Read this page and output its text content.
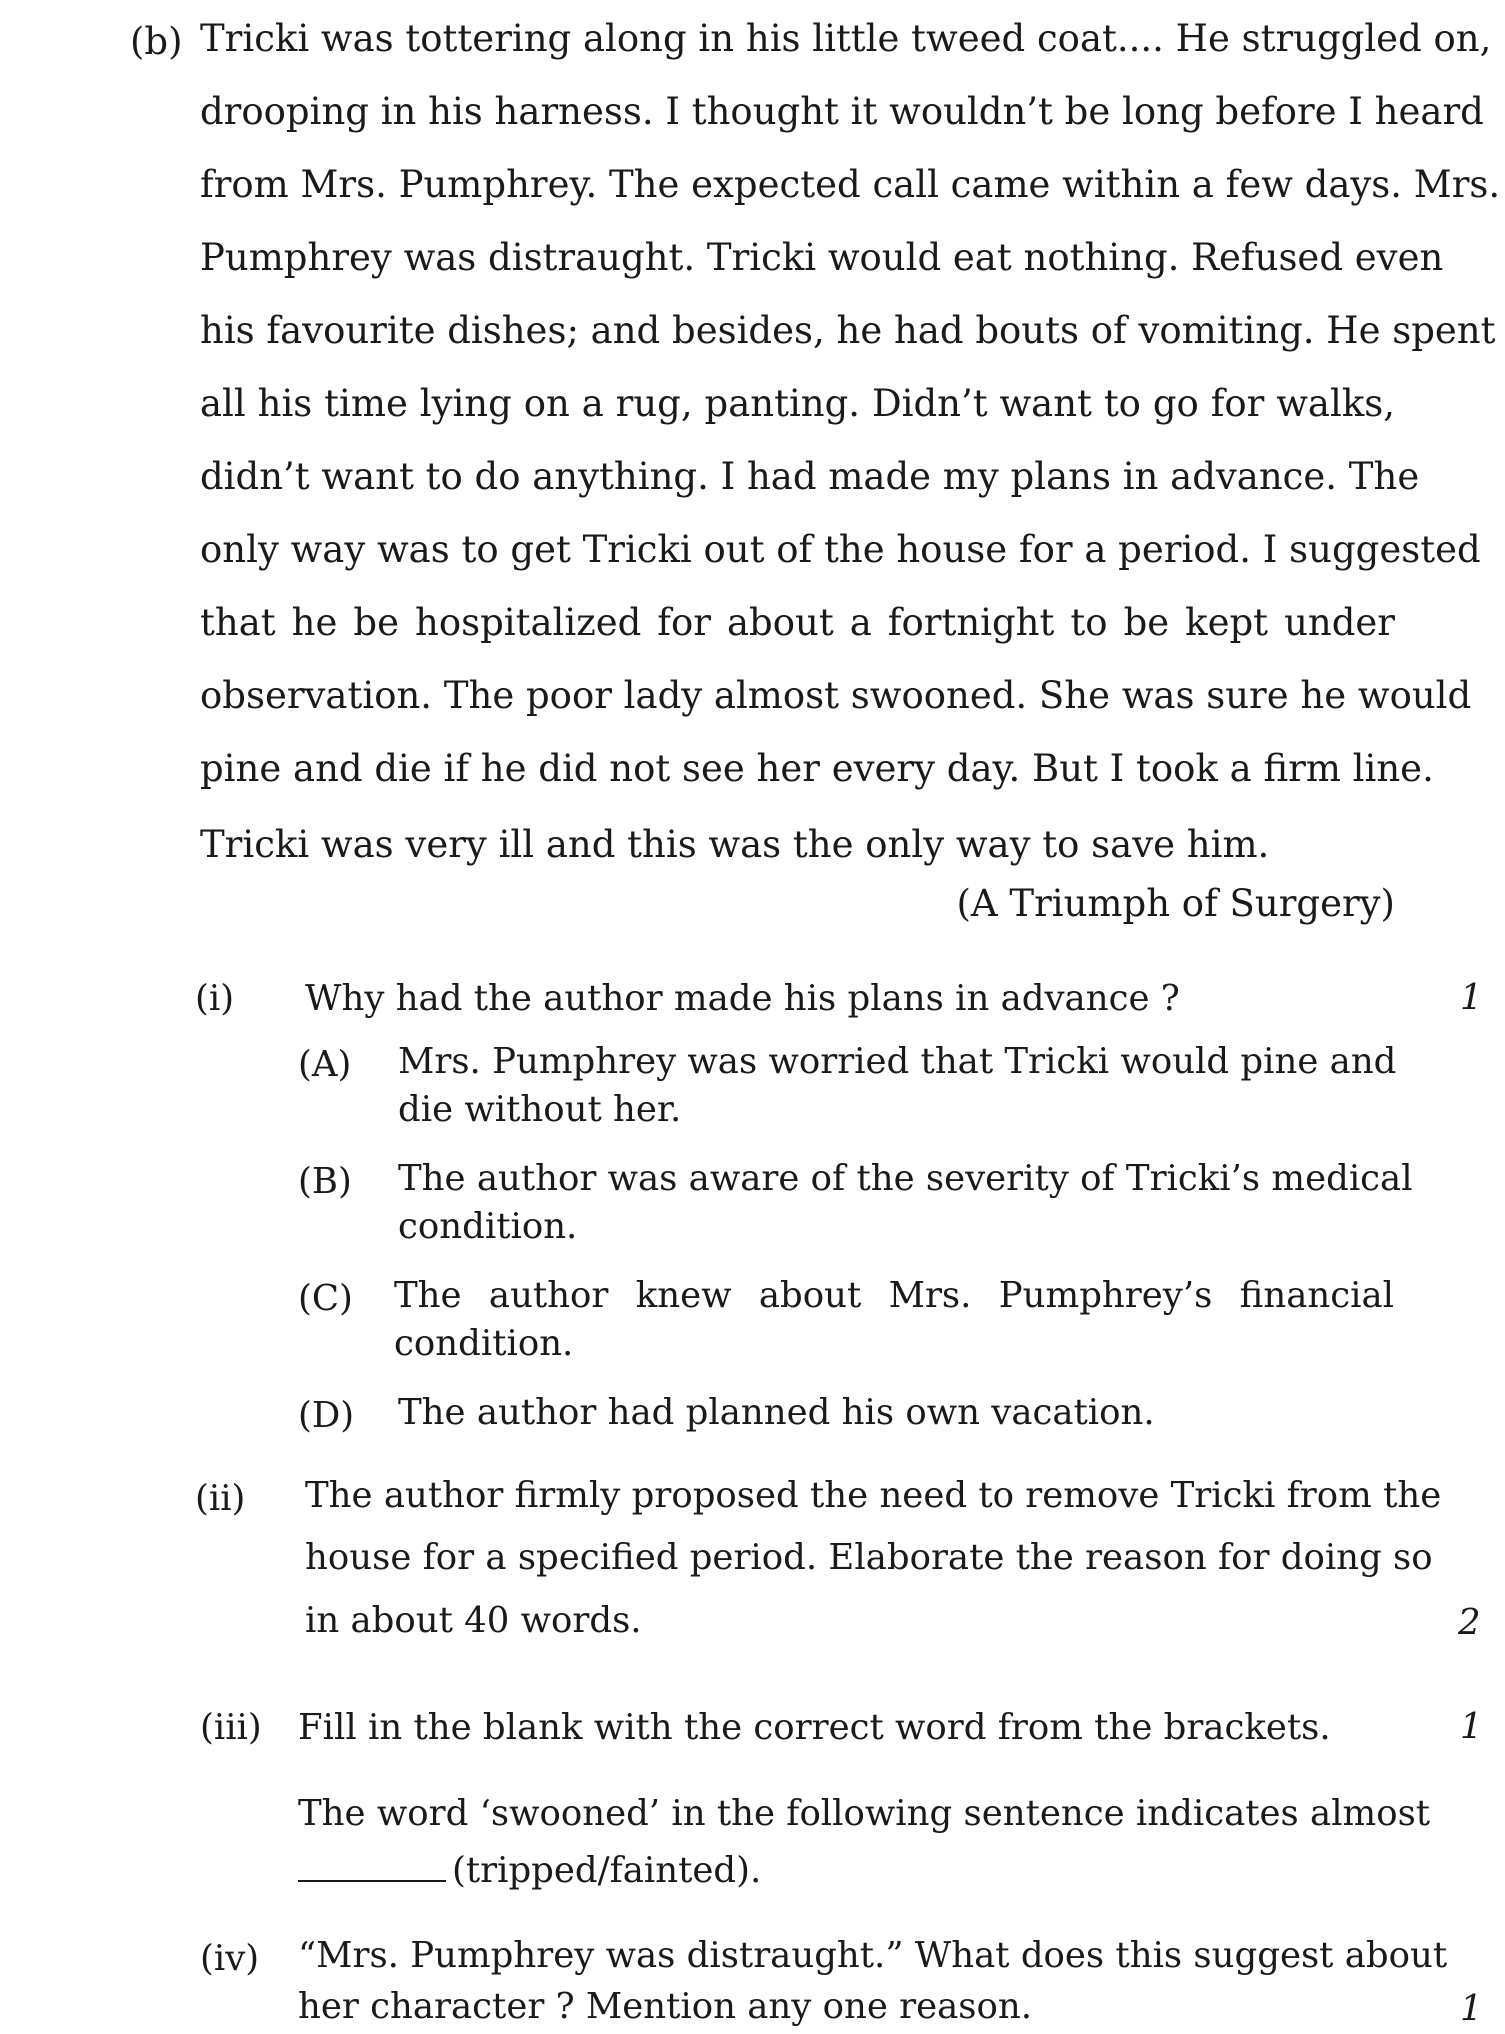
(b) Tricki was tottering along in his little tweed coat.... He struggled on,
drooping in his harness. I thought it wouldn’t be long before I heard
from Mrs. Pumphrey. The expected call came within a few days. Mrs.
Pumphrey was distraught. Tricki would eat nothing. Refused even
his favourite dishes; and besides, he had bouts of vomiting. He spent
all his time lying on a rug, panting. Didn’t want to go for walks,
didn’t want to do anything. I had made my plans in advance. The
only way was to get Tricki out of the house for a period. I suggested
that he be hospitalized for about a fortnight to be kept under
observation. The poor lady almost swooned. She was sure he would
pine and die if he did not see her every day. But I took a firm line.
Tricki was very ill and this was the only way to save him.
(A Triumph of Surgery)
(i) Why had the author made his plans in advance ?	1
(A) Mrs. Pumphrey was worried that Tricki would pine and
die without her.
(B) The author was aware of the severity of Tricki’s medical
condition.
(C) The author knew about Mrs. Pumphrey’s financial
condition.
(D) The author had planned his own vacation.
(ii) The author firmly proposed the need to remove Tricki from the
house for a specified period. Elaborate the reason for doing so
in about 40 words.	2
(iii) Fill in the blank with the correct word from the brackets.	1
The word ‘swooned’ in the following sentence indicates almost
(tripped/fainted).
(iv) “Mrs. Pumphrey was distraught.” What does this suggest about
her character ? Mention any one reason.	1
